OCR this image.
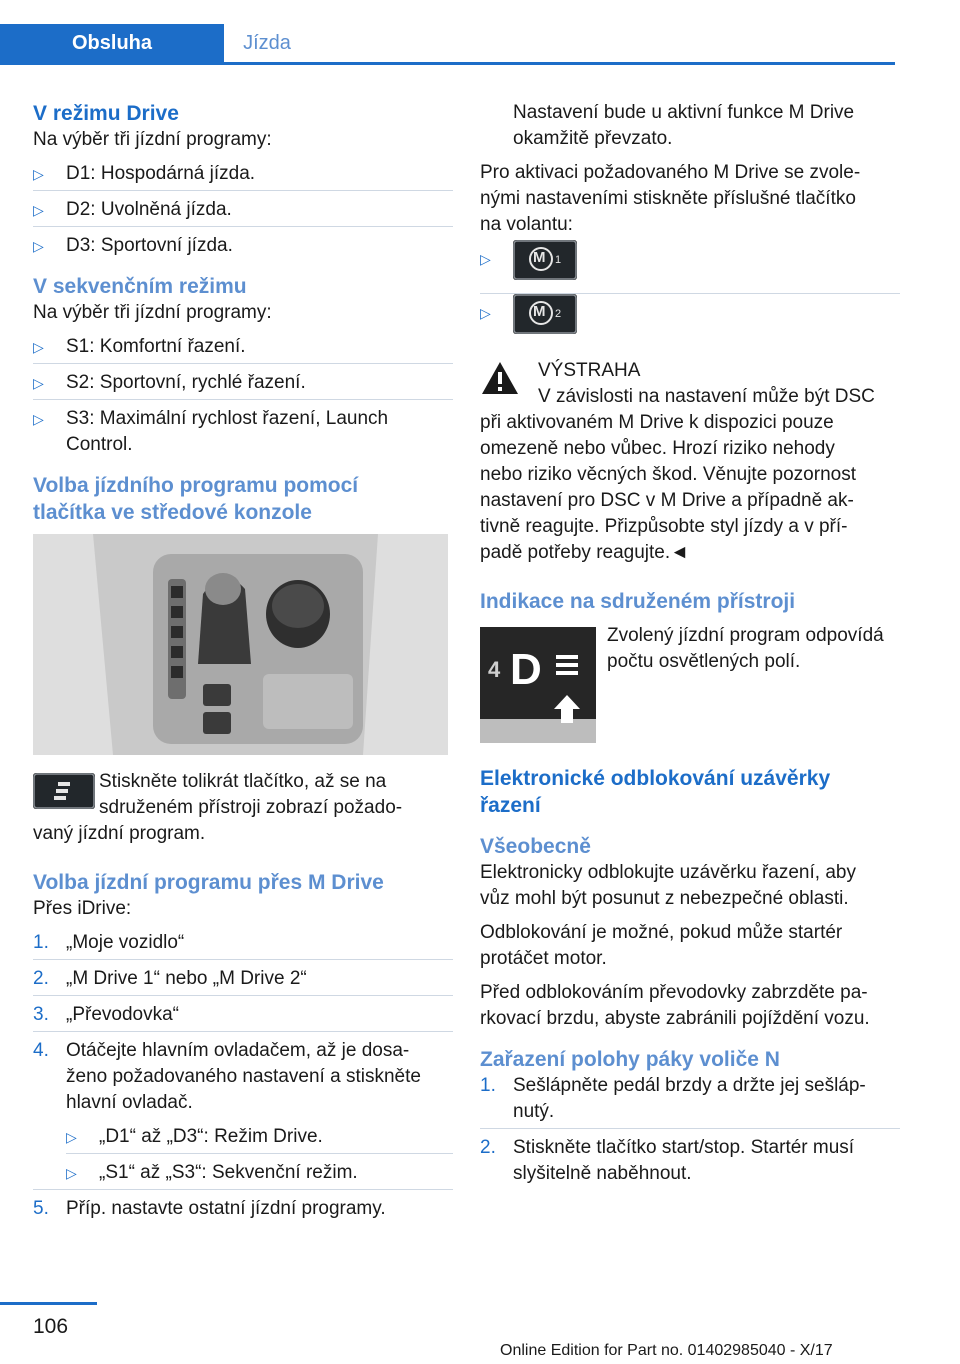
Obsluha	Jízda
V režimu Drive

Na výběr tři jízdní programy:

▷ D1: Hospodárná jízda.
▷ D2: Uvolněná jízda.
▷ D3: Sportovní jízda.
V sekvenčním režimu

Na výběr tři jízdní programy:

▷ S1: Komfortní řazení.
▷ S2: Sportovní, rychlé řazení.
▷ S3: Maximální rychlost řazení, Launch Control.
Volba jízdního programu pomocí
tlačítka ve středové konzole

Stiskněte tolikrát tlačítko, až se na

sdruženém přístroji zobrazí požado-

vaný jízdní program.

Volba jízdní programu přes M Drive

Přes iDrive:

1. „Moje vozidlo“
2. „M Drive 1“ nebo „M Drive 2“
3. „Převodovka“
4. Otáčejte hlavním ovladačem, až je dosa-

ženo požadovaného nastavení a stiskněte

hlavní ovladač.

▷ „D1“ až „D3“: Režim Drive.
▷ „S1“ až „S3“: Sekvenční režim.
5. Příp. nastavte ostatní jízdní programy.

Nastavení bude u aktivní funkce M Drive

okamžitě převzato.

Pro aktivaci požadovaného M Drive se zvole-

nými nastaveními stiskněte příslušné tlačítko

na volantu:

▷	M 1
▷	M 2

VÝSTRAHA

V závislosti na nastavení může být DSC

při aktivovaném M Drive k dispozici pouze

omezeně nebo vůbec. Hrozí riziko nehody

nebo riziko věcných škod. Věnujte pozornost

nastavení pro DSC v M Drive a případně ak-

tivně reagujte. Přizpůsobte styl jízdy a v pří-

padě potřeby reagujte.◄

Indikace na sdruženém přístroji
4 D

Zvolený jízdní program odpovídá

počtu osvětlených polí.

Elektronické odblokování uzávěrky
řazení
Všeobecně

Elektronicky odblokujte uzávěrku řazení, aby

vůz mohl být posunut z nebezpečné oblasti.

Odblokování je možné, pokud může startér

protáčet motor.

Před odblokováním převodovky zabrzděte pa-

rkovací brzdu, abyste zabránili pojíždění vozu.

Zařazení polohy páky voliče N
1. Sešlápněte pedál brzdy a držte jej sešláp-

nutý.

2. Stiskněte tlačítko start/stop. Startér musí

slyšitelně naběhnout.

106
Online Edition for Part no. 01402985040 - X/17
